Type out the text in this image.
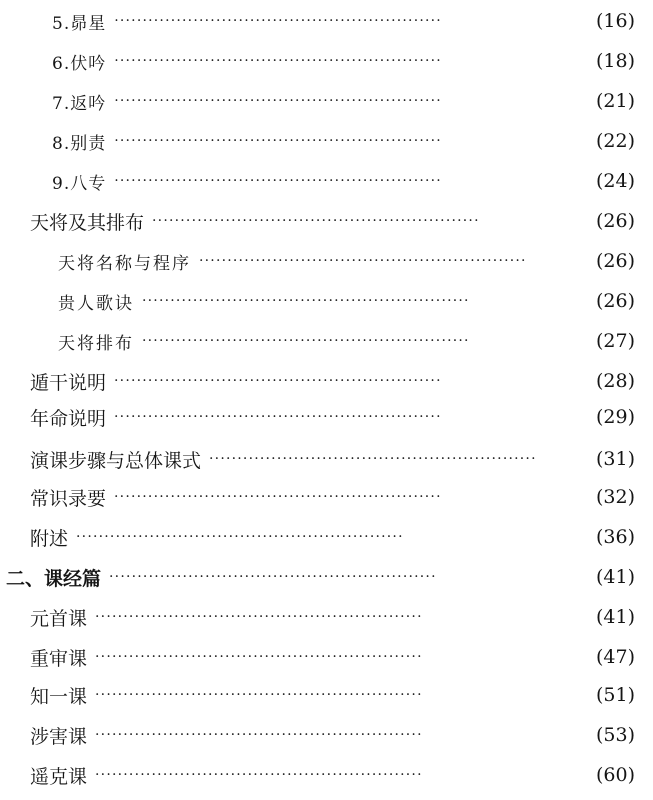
5.昴星 ··························································	(16)
6.伏吟 ··························································	(18)
7.返吟 ··························································	(21)
8.别责 ··························································	(22)
9.八专 ··························································	(24)
天将及其排布 ··························································	(26)
天将名称与程序 ··························································	(26)
贵人歌诀 ··························································	(26)
天将排布 ··························································	(27)
遁干说明 ··························································	(28)
年命说明 ··························································	(29)
演课步骤与总体课式 ··························································	(31)
常识录要 ··························································	(32)
附述 ··························································	(36)
二、课经篇 ··························································	(41)
元首课 ··························································	(41)
重审课 ··························································	(47)
知一课 ··························································	(51)
涉害课 ··························································	(53)
遥克课 ··························································	(60)
